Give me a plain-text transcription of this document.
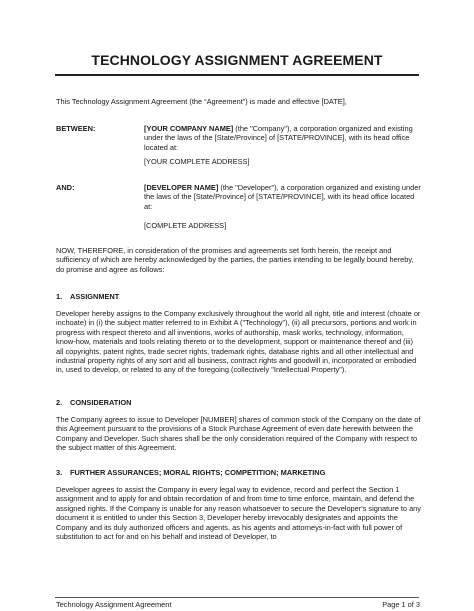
TECHNOLOGY ASSIGNMENT AGREEMENT
This Technology Assignment Agreement (the “Agreement”) is made and effective [DATE],
BETWEEN:	[YOUR COMPANY NAME] (the "Company"), a corporation organized and existing under the laws of the [State/Province] of [STATE/PROVINCE], with its head office located at:
[YOUR COMPLETE ADDRESS]
AND:	[DEVELOPER NAME] (the "Developer"), a corporation organized and existing under the laws of the [State/Province] of [STATE/PROVINCE], with its head office located at:
[COMPLETE ADDRESS]
NOW, THEREFORE, in consideration of the promises and agreements set forth herein, the receipt and sufficiency of which are hereby acknowledged by the parties, the parties intending to be legally bound hereby, do promise and agree as follows:
1. ASSIGNMENT
Developer hereby assigns to the Company exclusively throughout the world all right, title and interest (choate or inchoate) in (i) the subject matter referred to in Exhibit A ("Technology"), (ii) all precursors, portions and work in progress with respect thereto and all inventions, works of authorship, mask works, technology, information, know-how, materials and tools relating thereto or to the development, support or maintenance thereof and (iii) all copyrights, patent rights, trade secret rights, trademark rights, database rights and all other intellectual and industrial property rights of any sort and all business, contract rights and goodwill in, incorporated or embodied in, used to develop, or related to any of the foregoing (collectively "Intellectual Property").
2. CONSIDERATION
The Company agrees to issue to Developer [NUMBER] shares of common stock of the Company on the date of this Agreement pursuant to the provisions of a Stock Purchase Agreement of even date herewith between the Company and Developer. Such shares shall be the only consideration required of the Company with respect to the subject matter of this Agreement.
3. FURTHER ASSURANCES; MORAL RIGHTS; COMPETITION; MARKETING
Developer agrees to assist the Company in every legal way to evidence, record and perfect the Section 1 assignment and to apply for and obtain recordation of and from time to time enforce, maintain, and defend the assigned rights. If the Company is unable for any reason whatsoever to secure the Developer's signature to any document it is entitled to under this Section 3, Developer hereby irrevocably designates and appoints the Company and its duly authorized officers and agents, as his agents and attorneys-in-fact with full power of substitution to act for and on his behalf and instead of Developer, to
Technology Assignment Agreement	Page 1 of 3
